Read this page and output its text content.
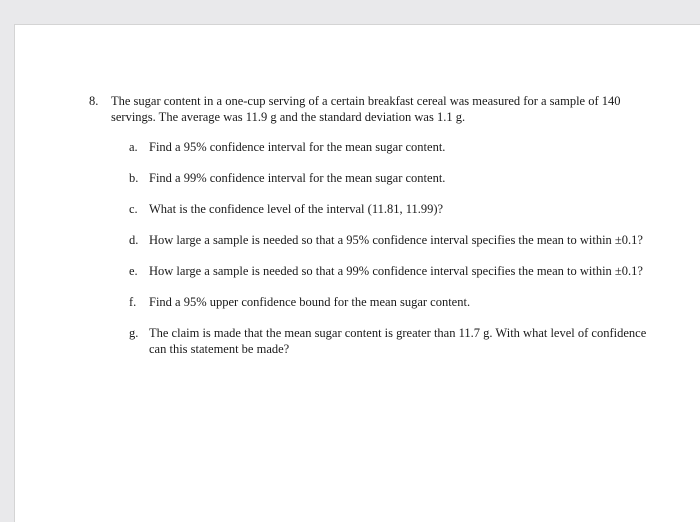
8.	The sugar content in a one-cup serving of a certain breakfast cereal was measured for a sample of 140 servings. The average was 11.9 g and the standard deviation was 1.1 g.
a. Find a 95% confidence interval for the mean sugar content.
b. Find a 99% confidence interval for the mean sugar content.
c. What is the confidence level of the interval (11.81, 11.99)?
d. How large a sample is needed so that a 95% confidence interval specifies the mean to within ±0.1?
e. How large a sample is needed so that a 99% confidence interval specifies the mean to within ±0.1?
f.	Find a 95% upper confidence bound for the mean sugar content.
g. The claim is made that the mean sugar content is greater than 11.7 g. With what level of confidence can this statement be made?
